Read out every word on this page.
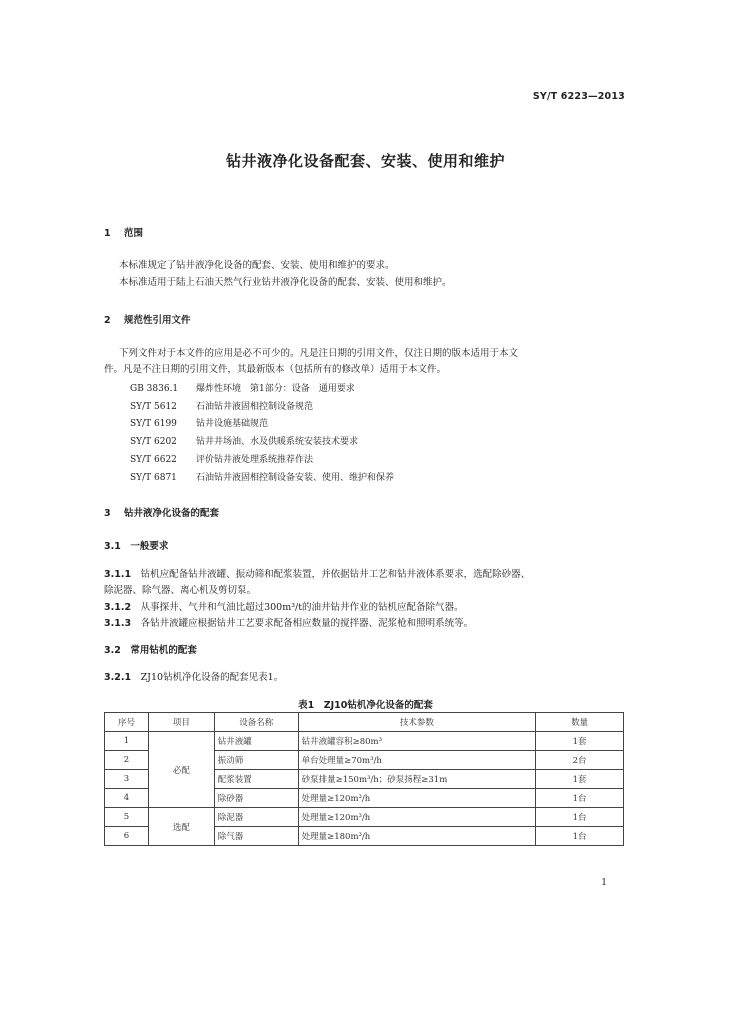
SY/T 6223—2013
钻井液净化设备配套、安装、使用和维护
1 范围
本标准规定了钻井液净化设备的配套、安装、使用和维护的要求。
本标准适用于陆上石油天然气行业钻井液净化设备的配套、安装、使用和维护。
2 规范性引用文件
下列文件对于本文件的应用是必不可少的。凡是注日期的引用文件，仅注日期的版本适用于本文
件。凡是不注日期的引用文件，其最新版本（包括所有的修改单）适用于本文件。
GB 3836.1 爆炸性环境　第1部分：设备　通用要求
SY/T 5612 石油钻井液固相控制设备规范
SY/T 6199 钻井设施基础规范
SY/T 6202 钻井井场油、水及供暖系统安装技术要求
SY/T 6622 评价钻井液处理系统推荐作法
SY/T 6871 石油钻井液固相控制设备安装、使用、维护和保养
3 钻井液净化设备的配套
3.1　 一般要求
3.1.1　 钻机应配备钻井液罐、振动筛和配浆装置，并依据钻井工艺和钻井液体系要求，选配除砂器、
除泥器、除气器、离心机及剪切泵。
3.1.2　 从事探井、气井和气油比超过300m³/t的油井钻井作业的钻机应配备除气器。
3.1.3　 各钻井液罐应根据钻井工艺要求配备相应数量的搅拌器、泥浆枪和照明系统等。
3.2　 常用钻机的配套
3.2.1　 ZJ10钻机净化设备的配套见表1。
表1　ZJ10钻机净化设备的配套
序号	项目	设备名称	技术参数	数量
1	必配	钻井液罐	钻井液罐容积≥80m³	1套
2		振动筛	单台处理量≥70m³/h	2台
3		配浆装置	砂泵排量≥150m³/h；砂泵扬程≥31m	1套
4		除砂器	处理量≥120m³/h	1台
5	选配	除泥器	处理量≥120m³/h	1台
6		除气器	处理量≥180m³/h	1台
1
